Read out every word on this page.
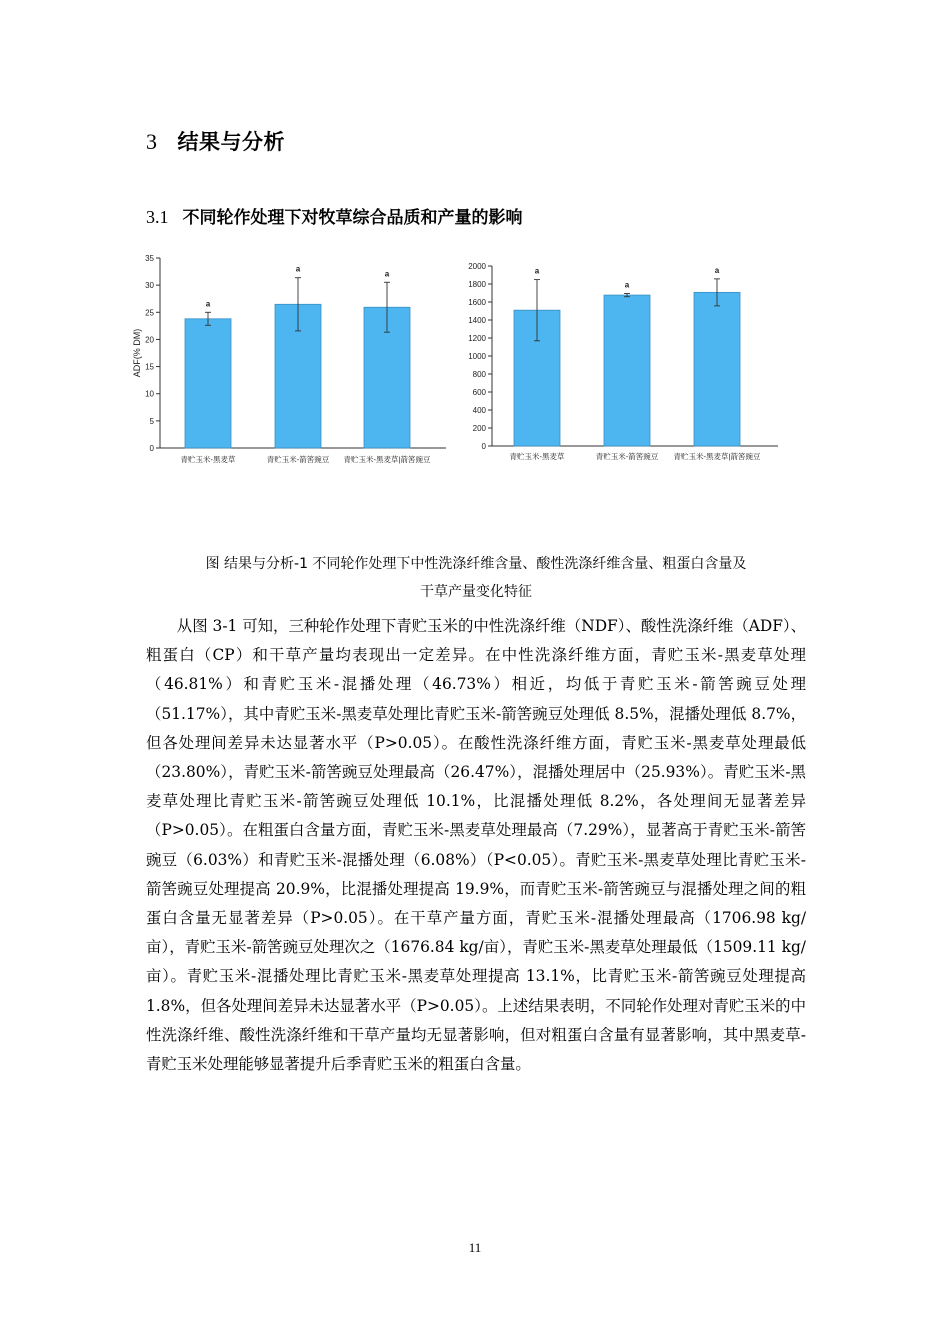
3 结果与分析
3.1 不同轮作处理下对牧草综合品质和产量的影响
0
5
10
15
20
25
30
35
ADF(% DM)
a
青贮玉米-黑麦草
a
青贮玉米-箭筈豌豆
a
青贮玉米-黑麦草|箭筈豌豆
0
200
400
600
800
1000
1200
1400
1600
1800
2000
a
青贮玉米-黑麦草
a
青贮玉米-箭筈豌豆
a
青贮玉米-黑麦草|箭筈豌豆
图 结果与分析-1 不同轮作处理下中性洗涤纤维含量、酸性洗涤纤维含量、粗蛋白含量及
干草产量变化特征

从图 3-1 可知，三种轮作处理下青贮玉米的中性洗涤纤维（NDF）、酸性洗涤纤维（ADF）、粗蛋白（CP）和干草产量均表现出一定差异。在中性洗涤纤维方面，青贮玉米-黑麦草处理（46.81%）和青贮玉米-混播处理（46.73%）相近，均低于青贮玉米-箭筈豌豆处理（51.17%），其中青贮玉米-黑麦草处理比青贮玉米-箭筈豌豆处理低 8.5%，混播处理低 8.7%，但各处理间差异未达显著水平（P>0.05）。在酸性洗涤纤维方面，青贮玉米-黑麦草处理最低（23.80%），青贮玉米-箭筈豌豆处理最高（26.47%），混播处理居中（25.93%）。青贮玉米-黑麦草处理比青贮玉米-箭筈豌豆处理低 10.1%，比混播处理低 8.2%，各处理间无显著差异（P>0.05）。在粗蛋白含量方面，青贮玉米-黑麦草处理最高（7.29%），显著高于青贮玉米-箭筈豌豆（6.03%）和青贮玉米-混播处理（6.08%）（P<0.05）。青贮玉米-黑麦草处理比青贮玉米-箭筈豌豆处理提高 20.9%，比混播处理提高 19.9%，而青贮玉米-箭筈豌豆与混播处理之间的粗蛋白含量无显著差异（P>0.05）。在干草产量方面，青贮玉米-混播处理最高（1706.98 kg/亩），青贮玉米-箭筈豌豆处理次之（1676.84 kg/亩），青贮玉米-黑麦草处理最低（1509.11 kg/亩）。青贮玉米-混播处理比青贮玉米-黑麦草处理提高 13.1%，比青贮玉米-箭筈豌豆处理提高 1.8%，但各处理间差异未达显著水平（P>0.05）。上述结果表明，不同轮作处理对青贮玉米的中性洗涤纤维、酸性洗涤纤维和干草产量均无显著影响，但对粗蛋白含量有显著影响，其中黑麦草-青贮玉米处理能够显著提升后季青贮玉米的粗蛋白含量。

11
